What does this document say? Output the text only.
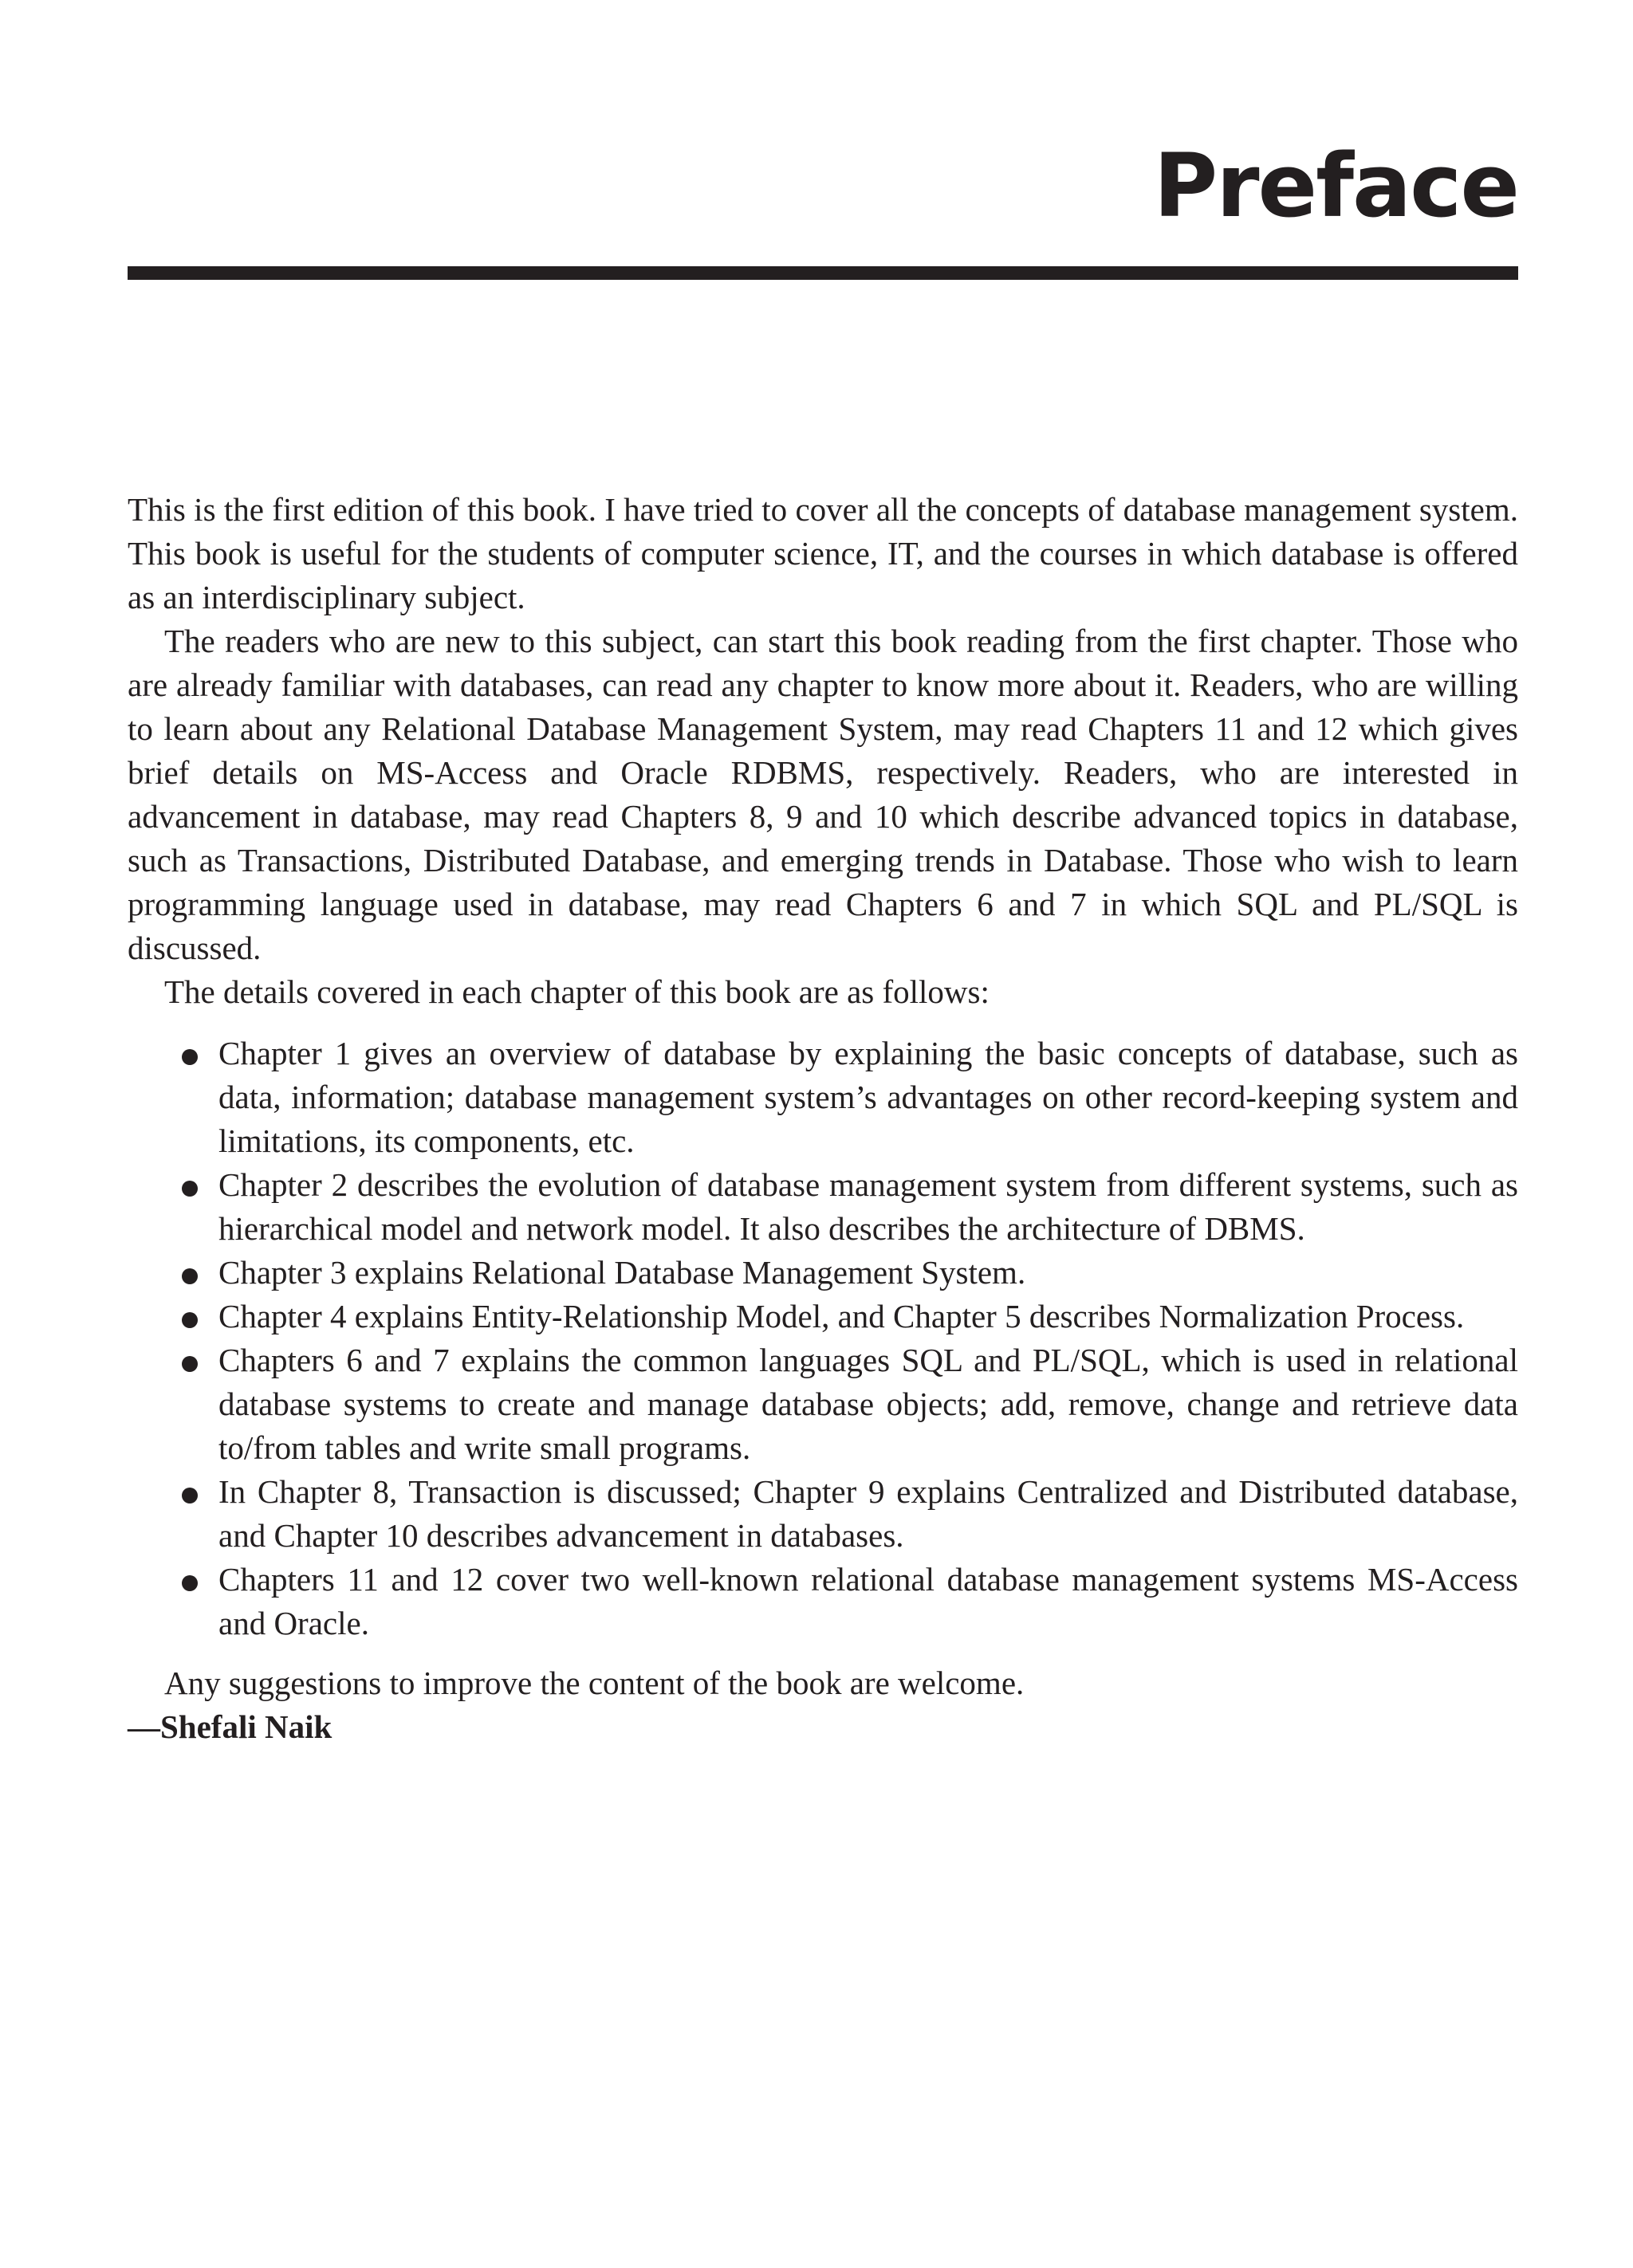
Preface

This is the first edition of this book. I have tried to cover all the concepts of database management system. This book is useful for the students of computer science, IT, and the courses in which database is offered as an interdisciplinary subject.

The readers who are new to this subject, can start this book reading from the first chapter. Those who are already familiar with databases, can read any chapter to know more about it. Readers, who are willing to learn about any Relational Database Management System, may read Chapters 11 and 12 which gives brief details on MS-Access and Oracle RDBMS, respectively. Readers, who are interested in advancement in database, may read Chapters 8, 9 and 10 which describe advanced topics in database, such as Transactions, Distributed Database, and emerging trends in Database. Those who wish to learn programming language used in database, may read Chapters 6 and 7 in which SQL and PL/SQL is discussed.

The details covered in each chapter of this book are as follows:

Chapter 1 gives an overview of database by explaining the basic concepts of database, such as data, information; database management system’s advantages on other record-keeping system and limitations, its components, etc.
Chapter 2 describes the evolution of database management system from different systems, such as hierarchical model and network model. It also describes the architecture of DBMS.
Chapter 3 explains Relational Database Management System.
Chapter 4 explains Entity-Relationship Model, and Chapter 5 describes Normalization Process.
Chapters 6 and 7 explains the common languages SQL and PL/SQL, which is used in relational database systems to create and manage database objects; add, remove, change and retrieve data to/from tables and write small programs.
In Chapter 8, Transaction is discussed; Chapter 9 explains Centralized and Distributed database, and Chapter 10 describes advancement in databases.
Chapters 11 and 12 cover two well-known relational database management systems MS-Access and Oracle.

Any suggestions to improve the content of the book are welcome.

—Shefali Naik
